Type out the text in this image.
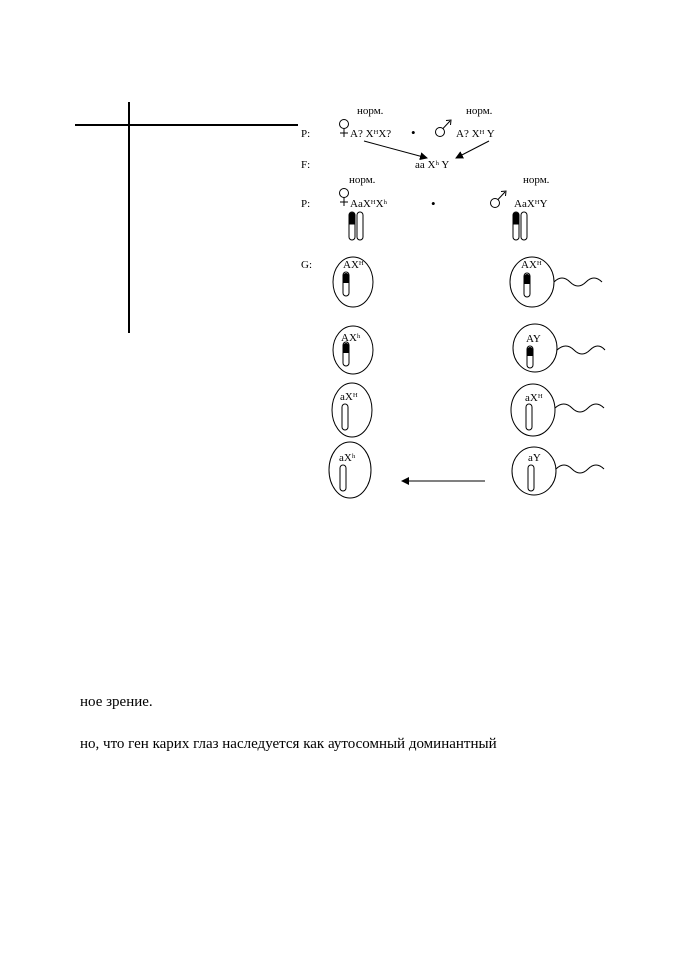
норм.	норм.
P:	A? XᴴX? •	A? Xᴴ Y
F:	aa Xʰ Y
норм.	норм.
P:	AaXᴴXʰ	•	AaXᴴY
G:	AXᴴ
AXʰ
aXᴴ
aXʰ
AXᴴ
AY
aXᴴ
aY
ное зрение.
но, что ген карих глаз наследуется как аутосомный доминантный
